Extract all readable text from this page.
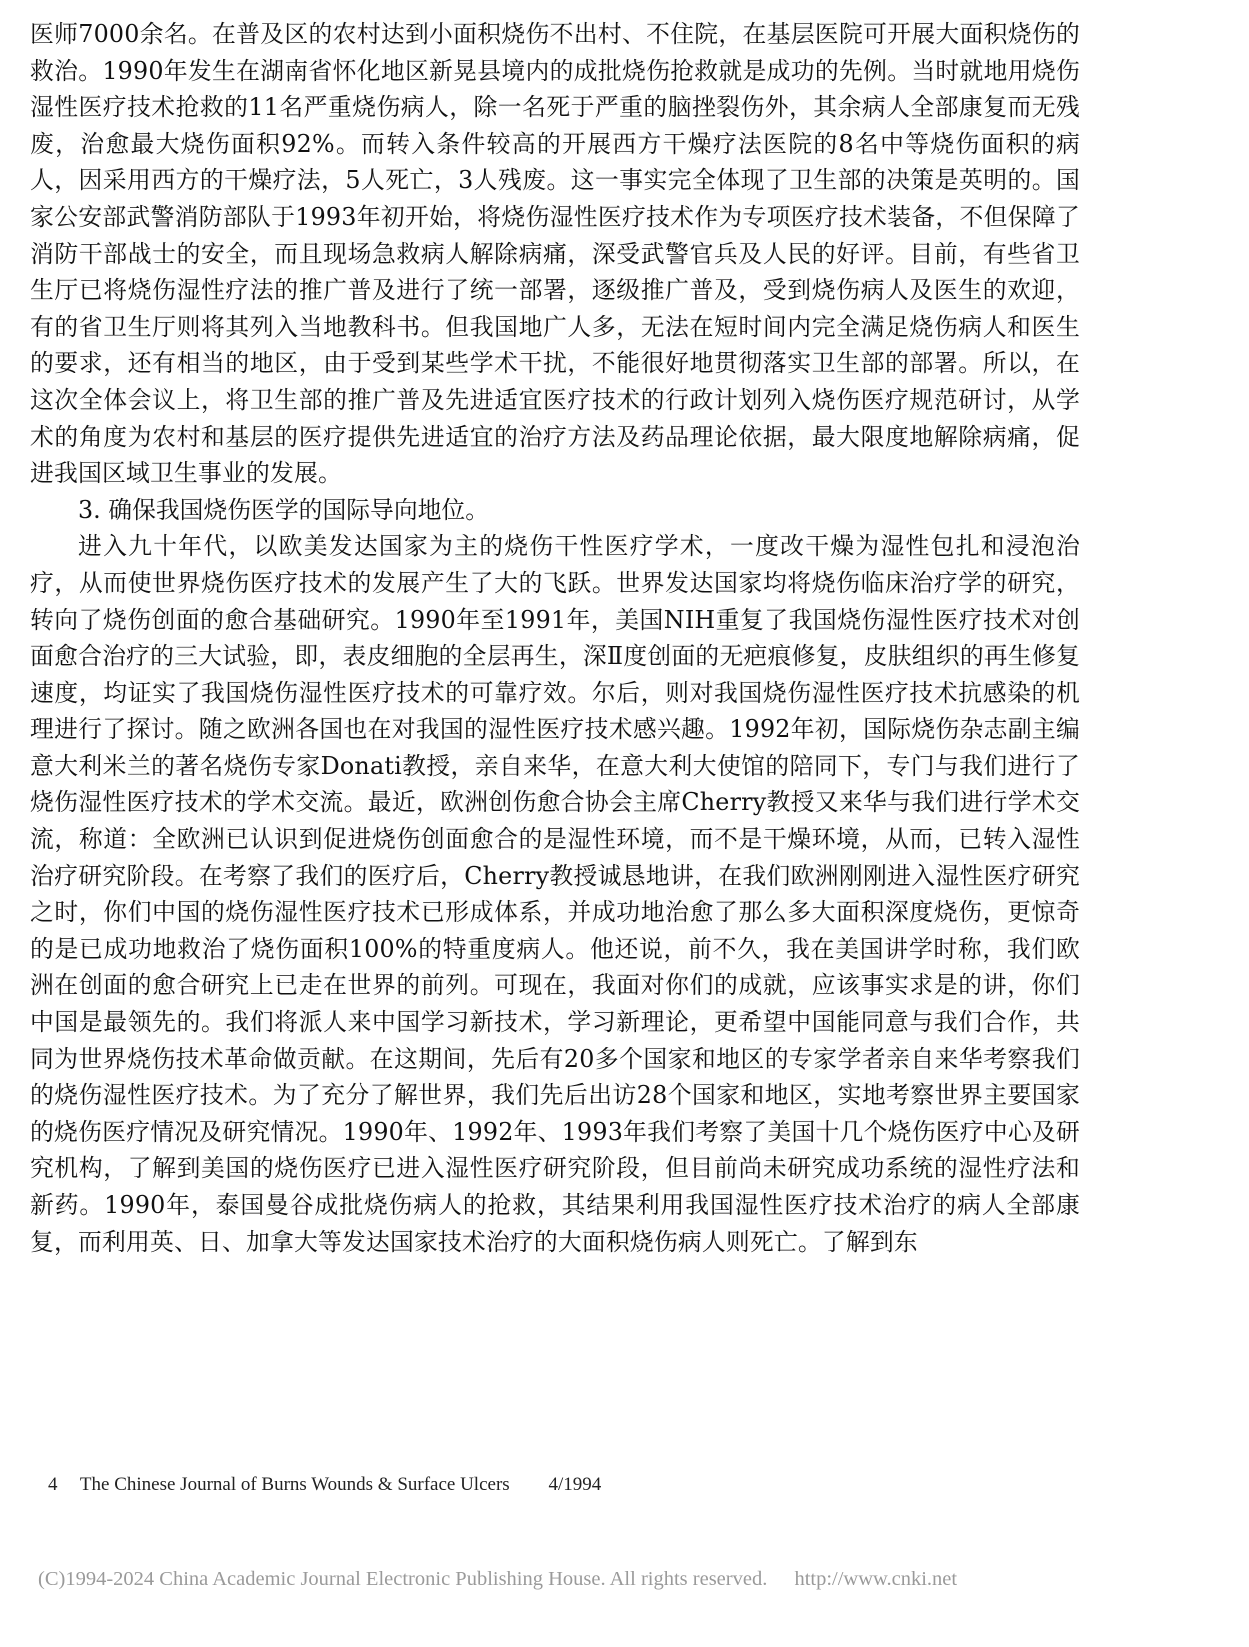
医师7000余名。在普及区的农村达到小面积烧伤不出村、不住院，在基层医院可开展大面积烧伤的救治。1990年发生在湖南省怀化地区新晃县境内的成批烧伤抢救就是成功的先例。当时就地用烧伤湿性医疗技术抢救的11名严重烧伤病人，除一名死于严重的脑挫裂伤外，其余病人全部康复而无残废，治愈最大烧伤面积92%。而转入条件较高的开展西方干燥疗法医院的8名中等烧伤面积的病人，因采用西方的干燥疗法，5人死亡，3人残废。这一事实完全体现了卫生部的决策是英明的。国家公安部武警消防部队于1993年初开始，将烧伤湿性医疗技术作为专项医疗技术装备，不但保障了消防干部战士的安全，而且现场急救病人解除病痛，深受武警官兵及人民的好评。目前，有些省卫生厅已将烧伤湿性疗法的推广普及进行了统一部署，逐级推广普及，受到烧伤病人及医生的欢迎，有的省卫生厅则将其列入当地教科书。但我国地广人多，无法在短时间内完全满足烧伤病人和医生的要求，还有相当的地区，由于受到某些学术干扰，不能很好地贯彻落实卫生部的部署。所以，在这次全体会议上，将卫生部的推广普及先进适宜医疗技术的行政计划列入烧伤医疗规范研讨，从学术的角度为农村和基层的医疗提供先进适宜的治疗方法及药品理论依据，最大限度地解除病痛，促进我国区域卫生事业的发展。

3. 确保我国烧伤医学的国际导向地位。

进入九十年代，以欧美发达国家为主的烧伤干性医疗学术，一度改干燥为湿性包扎和浸泡治疗，从而使世界烧伤医疗技术的发展产生了大的飞跃。世界发达国家均将烧伤临床治疗学的研究，转向了烧伤创面的愈合基础研究。1990年至1991年，美国NIH重复了我国烧伤湿性医疗技术对创面愈合治疗的三大试验，即，表皮细胞的全层再生，深Ⅱ度创面的无疤痕修复，皮肤组织的再生修复速度，均证实了我国烧伤湿性医疗技术的可靠疗效。尔后，则对我国烧伤湿性医疗技术抗感染的机理进行了探讨。随之欧洲各国也在对我国的湿性医疗技术感兴趣。1992年初，国际烧伤杂志副主编意大利米兰的著名烧伤专家Donati教授，亲自来华，在意大利大使馆的陪同下，专门与我们进行了烧伤湿性医疗技术的学术交流。最近，欧洲创伤愈合协会主席Cherry教授又来华与我们进行学术交流，称道：全欧洲已认识到促进烧伤创面愈合的是湿性环境，而不是干燥环境，从而，已转入湿性治疗研究阶段。在考察了我们的医疗后，Cherry教授诚恳地讲，在我们欧洲刚刚进入湿性医疗研究之时，你们中国的烧伤湿性医疗技术已形成体系，并成功地治愈了那么多大面积深度烧伤，更惊奇的是已成功地救治了烧伤面积100%的特重度病人。他还说，前不久，我在美国讲学时称，我们欧洲在创面的愈合研究上已走在世界的前列。可现在，我面对你们的成就，应该事实求是的讲，你们中国是最领先的。我们将派人来中国学习新技术，学习新理论，更希望中国能同意与我们合作，共同为世界烧伤技术革命做贡献。在这期间，先后有20多个国家和地区的专家学者亲自来华考察我们的烧伤湿性医疗技术。为了充分了解世界，我们先后出访28个国家和地区，实地考察世界主要国家的烧伤医疗情况及研究情况。1990年、1992年、1993年我们考察了美国十几个烧伤医疗中心及研究机构，了解到美国的烧伤医疗已进入湿性医疗研究阶段，但目前尚未研究成功系统的湿性疗法和新药。1990年，泰国曼谷成批烧伤病人的抢救，其结果利用我国湿性医疗技术治疗的病人全部康复，而利用英、日、加拿大等发达国家技术治疗的大面积烧伤病人则死亡。了解到东

4 The Chinese Journal of Burns Wounds & Surface Ulcers 4/1994
(C)1994-2024 China Academic Journal Electronic Publishing House. All rights reserved. http://www.cnki.net
